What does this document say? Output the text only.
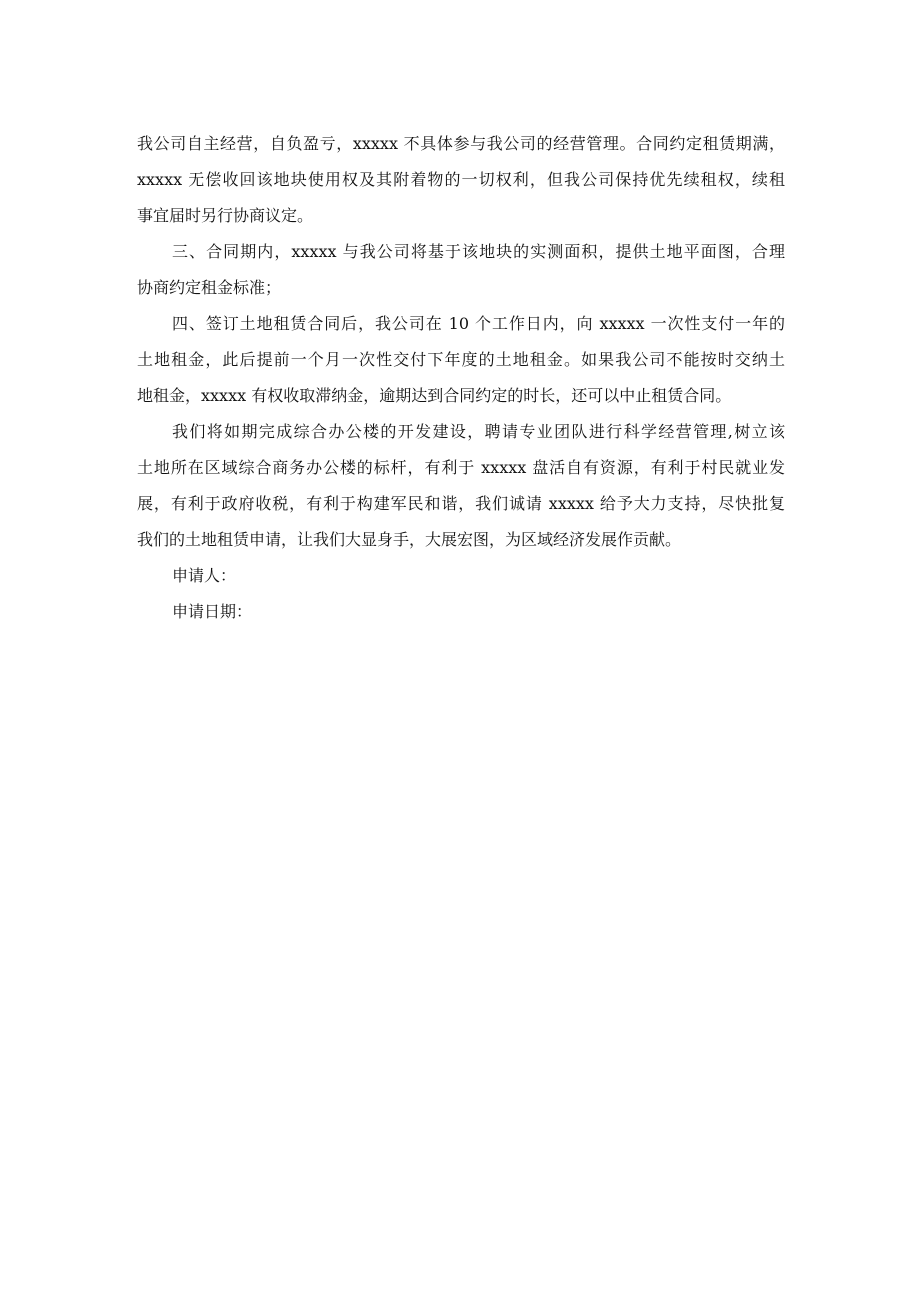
我公司自主经营，自负盈亏，xxxxx 不具体参与我公司的经营管理。合同约定租赁期满，

xxxxx 无偿收回该地块使用权及其附着物的一切权利，但我公司保持优先续租权，续租

事宜届时另行协商议定。

三、合同期内，xxxxx 与我公司将基于该地块的实测面积，提供土地平面图，合理

协商约定租金标准；

四、签订土地租赁合同后，我公司在 10 个工作日内，向 xxxxx 一次性支付一年的

土地租金，此后提前一个月一次性交付下年度的土地租金。如果我公司不能按时交纳土

地租金，xxxxx 有权收取滞纳金，逾期达到合同约定的时长，还可以中止租赁合同。

我们将如期完成综合办公楼的开发建设，聘请专业团队进行科学经营管理,树立该

土地所在区域综合商务办公楼的标杆，有利于 xxxxx 盘活自有资源，有利于村民就业发

展，有利于政府收税，有利于构建军民和谐，我们诚请 xxxxx 给予大力支持，尽快批复

我们的土地租赁申请，让我们大显身手，大展宏图，为区域经济发展作贡献。

申请人：
申请日期：
